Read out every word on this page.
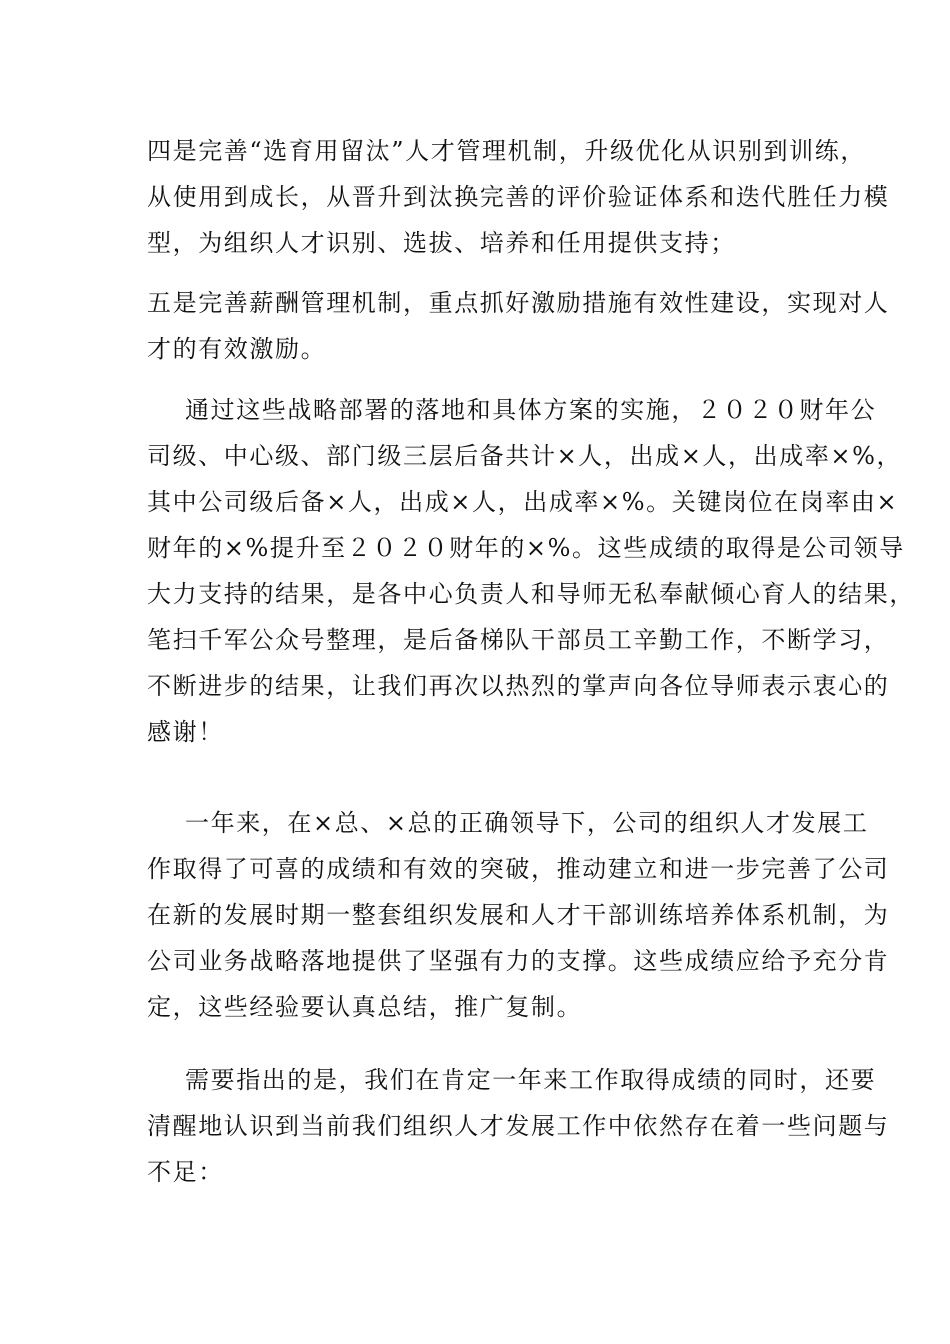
四是完善“选育用留汰”人才管理机制，升级优化从识别到训练，
从使用到成长，从晋升到汰换完善的评价验证体系和迭代胜任力模
型，为组织人才识别、选拔、培养和任用提供支持；
五是完善薪酬管理机制，重点抓好激励措施有效性建设，实现对人
才的有效激励。
通过这些战略部署的落地和具体方案的实施，２０２０财年公
司级、中心级、部门级三层后备共计×人，出成×人，出成率×%，
其中公司级后备×人，出成×人，出成率×%。关键岗位在岗率由×
财年的×%提升至２０２０财年的×%。这些成绩的取得是公司领导
大力支持的结果，是各中心负责人和导师无私奉献倾心育人的结果，
笔扫千军公众号整理，是后备梯队干部员工辛勤工作，不断学习，
不断进步的结果，让我们再次以热烈的掌声向各位导师表示衷心的
感谢！
一年来，在×总、×总的正确领导下，公司的组织人才发展工
作取得了可喜的成绩和有效的突破，推动建立和进一步完善了公司
在新的发展时期一整套组织发展和人才干部训练培养体系机制，为
公司业务战略落地提供了坚强有力的支撑。这些成绩应给予充分肯
定，这些经验要认真总结，推广复制。
需要指出的是，我们在肯定一年来工作取得成绩的同时，还要
清醒地认识到当前我们组织人才发展工作中依然存在着一些问题与
不足：
